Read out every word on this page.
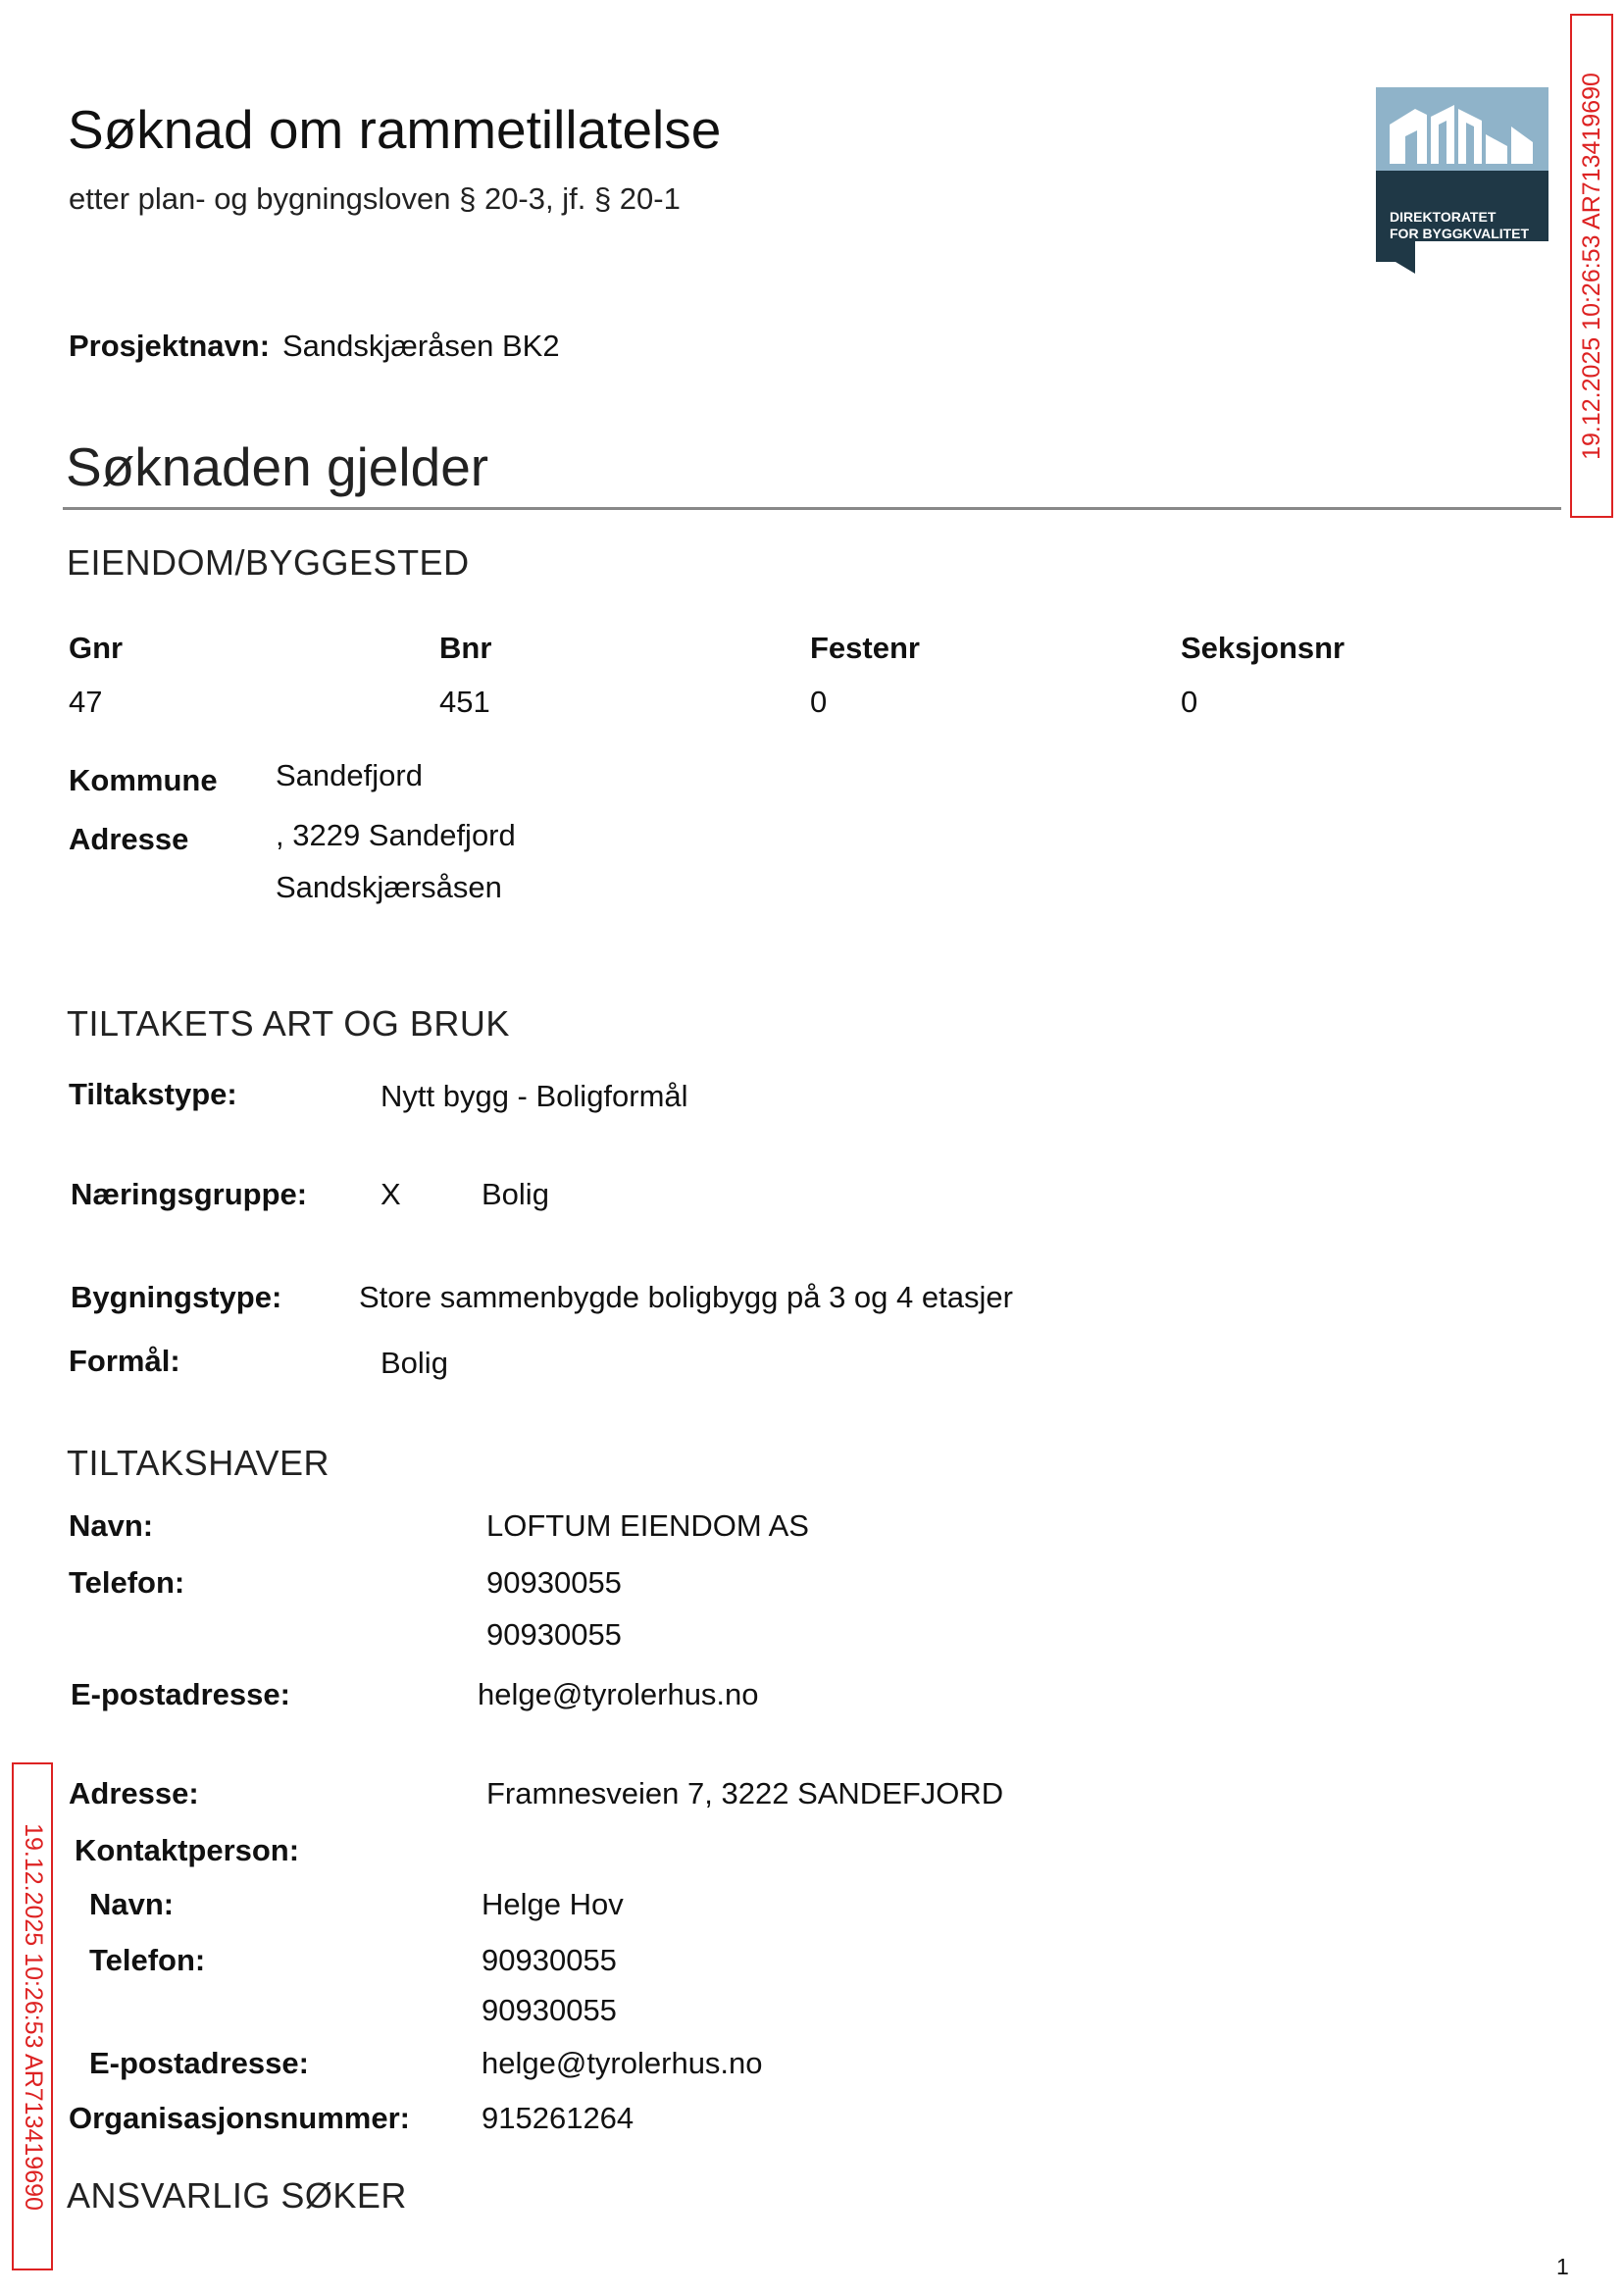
Søknad om rammetillatelse
etter plan- og bygningsloven § 20-3, jf. § 20-1
DIREKTORATET
FOR BYGGKVALITET 19.12.2025 10:26:53 AR713419690
19.12.2025 10:26:53 AR713419690
Prosjektnavn: Sandskjæråsen BK2
Søknaden gjelder
EIENDOM/BYGGESTED
Gnr	Bnr	Festenr	Seksjonsnr
47	451	0	0
Kommune Sandefjord
Adresse	, 3229 Sandefjord
Sandskjærsåsen
TILTAKETS ART OG BRUK
Tiltakstype:	Nytt bygg - Boligformål
Næringsgruppe: X	Bolig
Bygningstype:	Store sammenbygde boligbygg på 3 og 4 etasjer
Formål:	Bolig
TILTAKSHAVER
Navn:	LOFTUM EIENDOM AS
Telefon:	90930055
90930055
E-postadresse:	helge@tyrolerhus.no
Adresse:	Framnesveien 7, 3222 SANDEFJORD
Kontaktperson:
Navn:	Helge Hov
Telefon:	90930055
90930055
E-postadresse:	helge@tyrolerhus.no
Organisasjonsnummer: 915261264
ANSVARLIG SØKER
1
